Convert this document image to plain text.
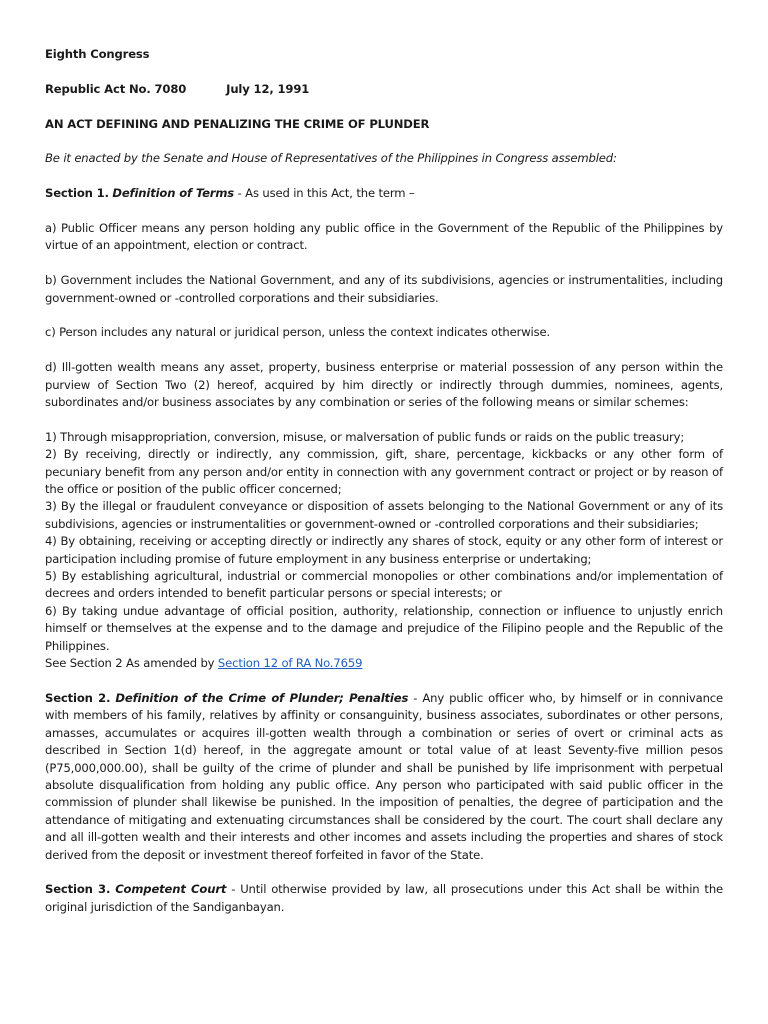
Eighth Congress

Republic Act No. 7080	July 12, 1991

AN ACT DEFINING AND PENALIZING THE CRIME OF PLUNDER

Be it enacted by the Senate and House of Representatives of the Philippines in Congress assembled:

Section 1. Definition of Terms - As used in this Act, the term –

a) Public Officer means any person holding any public office in the Government of the Republic of the Philippines by virtue of an appointment, election or contract.

b) Government includes the National Government, and any of its subdivisions, agencies or instrumentalities, including government-owned or -controlled corporations and their subsidiaries.

c) Person includes any natural or juridical person, unless the context indicates otherwise.

d) Ill-gotten wealth means any asset, property, business enterprise or material possession of any person within the purview of Section Two (2) hereof, acquired by him directly or indirectly through dummies, nominees, agents, subordinates and/or business associates by any combination or series of the following means or similar schemes:

1) Through misappropriation, conversion, misuse, or malversation of public funds or raids on the public treasury;

2) By receiving, directly or indirectly, any commission, gift, share, percentage, kickbacks or any other form of pecuniary benefit from any person and/or entity in connection with any government contract or project or by reason of the office or position of the public officer concerned;

3) By the illegal or fraudulent conveyance or disposition of assets belonging to the National Government or any of its subdivisions, agencies or instrumentalities or government-owned or -controlled corporations and their subsidiaries;

4) By obtaining, receiving or accepting directly or indirectly any shares of stock, equity or any other form of interest or participation including promise of future employment in any business enterprise or undertaking;

5) By establishing agricultural, industrial or commercial monopolies or other combinations and/or implementation of decrees and orders intended to benefit particular persons or special interests; or

6) By taking undue advantage of official position, authority, relationship, connection or influence to unjustly enrich himself or themselves at the expense and to the damage and prejudice of the Filipino people and the Republic of the Philippines.

See Section 2 As amended by Section 12 of RA No.7659

Section 2. Definition of the Crime of Plunder; Penalties - Any public officer who, by himself or in connivance with members of his family, relatives by affinity or consanguinity, business associates, subordinates or other persons, amasses, accumulates or acquires ill-gotten wealth through a combination or series of overt or criminal acts as described in Section 1(d) hereof, in the aggregate amount or total value of at least Seventy-five million pesos (P75,000,000.00), shall be guilty of the crime of plunder and shall be punished by life imprisonment with perpetual absolute disqualification from holding any public office. Any person who participated with said public officer in the commission of plunder shall likewise be punished. In the imposition of penalties, the degree of participation and the attendance of mitigating and extenuating circumstances shall be considered by the court. The court shall declare any and all ill-gotten wealth and their interests and other incomes and assets including the properties and shares of stock derived from the deposit or investment thereof forfeited in favor of the State.

Section 3. Competent Court - Until otherwise provided by law, all prosecutions under this Act shall be within the original jurisdiction of the Sandiganbayan.
